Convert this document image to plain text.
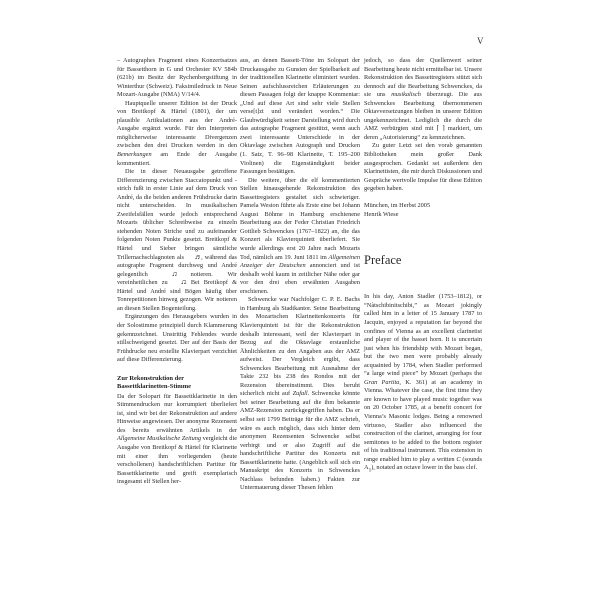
V

– Autographes Fragment eines Konzertsatzes für Bassetthorn in G und Orchester KV 584b (621b) im Besitz der Rychenbergstiftung in Winterthur (Schweiz). Faksimiledruck in Neue Mozart-Ausgabe (NMA) V/14/4.

Hauptquelle unserer Edition ist der Druck von Breitkopf & Härtel (1801), der um plausible Artikulationen aus der André-Ausgabe ergänzt wurde. Für den Interpreten möglicherweise interessante Divergenzen zwischen den drei Drucken werden in den Bemerkungen am Ende der Ausgabe kommentiert.

Die in dieser Neuausgabe getroffene Differenzierung zwischen Staccatopunkt und -strich fußt in erster Linie auf dem Druck von André, da die beiden anderen Frühdrucke darin nicht unterscheiden. In musikalischen Zweifelsfällen wurde jedoch entsprechend Mozarts üblicher Schreibweise zu einzeln stehenden Noten Striche und zu aufeinander folgenden Noten Punkte gesetzt. Breitkopf & Härtel und Sieber bringen sämtliche Trillernachschlagnoten als ♬, während das autographe Fragment durchweg und André gelegentlich ♫ notieren. Wir vereinheitlichen zu ♫. Bei Breitkopf & Härtel und André sind Bögen häufig über Tonrepetitionen hinweg gezogen. Wir notieren an diesen Stellen Bogenteilung.

Ergänzungen des Herausgebers wurden in der Solostimme prinzipiell durch Klammerung gekennzeichnet. Unstrittig Fehlendes wurde stillschweigend gesetzt. Der auf der Basis der Frühdrucke neu erstellte Klavierpart verzichtet auf diese Differenzierung.

Zur Rekonstruktion der Bassettklarinetten-Stimme

Da der Solopart für Bassettklarinette in den Stimmendrucken nur korrumpiert überliefert ist, sind wir bei der Rekonstruktion auf andere Hinweise angewiesen. Der anonyme Rezensent des bereits erwähnten Artikels in der Allgemeine Musikalische Zeitung vergleicht die Ausgabe von Breitkopf & Härtel für Klarinette mit einer ihm vorliegenden (heute verschollenen) handschriftlichen Partitur für Bassettklarinette und greift exemplarisch insgesamt elf Stellen her-

aus, an denen Bassett-Töne im Solopart der Druckausgabe zu Gunsten der Spielbarkeit auf der traditionellen Klarinette eliminiert wurden. Seinen aufschlussreichen Erläuterungen zu diesen Passagen folgt der knappe Kommentar: „Und auf diese Art sind sehr viele Stellen verse[t]zt und verändert worden.“ Die Glaubwürdigkeit seiner Darstellung wird durch das autographe Fragment gestützt, wenn auch zwei interessante Unterschiede in der Oktavlage zwischen Autograph und Drucken (1. Satz, T. 96–98 Klarinette, T. 195–200 Violinen) die Eigenständigkeit beider Fassungen bestätigen.

Die weitere, über die elf kommentierten Stellen hinausgehende Rekonstruktion des Bassettregisters gestaltet sich schwieriger. Pamela Weston führte als Erste eine bei Johann August Böhme in Hamburg erschienene Bearbeitung aus der Feder Christian Friedrich Gottlieb Schwenckes (1767–1822) an, die das Konzert als Klavierquintett überliefert. Sie wurde allerdings erst 20 Jahre nach Mozarts Tod, nämlich am 19. Juni 1811 im Allgemeinen Anzeiger der Deutschen annonciert und ist deshalb wohl kaum in zeitlicher Nähe oder gar vor den drei eben erwähnten Ausgaben erschienen.

Schwencke war Nachfolger C. P. E. Bachs in Hamburg als Stadtkantor. Seine Bearbeitung des Mozartschen Klarinettenkonzerts für Klavierquintett ist für die Rekonstruktion deshalb interessant, weil der Klavierpart in Bezug auf die Oktavlage erstaunliche Ähnlichkeiten zu den Angaben aus der AMZ aufweist. Der Vergleich ergibt, dass Schwenckes Bearbeitung mit Ausnahme der Takte 232 bis 238 des Rondos mit der Rezension übereinstimmt. Dies beruht sicherlich nicht auf Zufall. Schwencke könnte bei seiner Bearbeitung auf die ihm bekannte AMZ-Rezension zurückgegriffen haben. Da er selbst seit 1799 Beiträge für die AMZ schrieb, wäre es auch möglich, dass sich hinter dem anonymen Rezensenten Schwencke selbst verbirgt und er also Zugriff auf die handschriftliche Partitur des Konzerts mit Bassettklarinette hatte. (Angeblich soll sich ein Manuskript des Konzerts in Schwenckes Nachlass befunden haben.) Fakten zur Untermauerung dieser Thesen fehlen

jedoch, so dass der Quellenwert seiner Bearbeitung heute nicht ermittelbar ist. Unsere Rekonstruktion des Bassettregisters stützt sich dennoch auf die Bearbeitung Schwenckes, da sie uns musikalisch überzeugt. Die aus Schwenckes Bearbeitung übernommenen Oktavversetzungen bleiben in unserer Edition ungekennzeichnet. Lediglich die durch die AMZ verbürgten sind mit ⌈ ⌉ markiert, um deren „Autorisierung“ zu kennzeichnen.

Zu guter Letzt sei den vorab genannten Bibliotheken mein großer Dank ausgesprochen. Gedankt sei außerdem den Klarinettisten, die mir durch Diskussionen und Gespräche wertvolle Impulse für diese Edition gegeben haben.

München, im Herbst 2005

Henrik Wiese

Preface

In his day, Anton Stadler (1753–1812), or “Nàtschibinitschibi,” as Mozart jokingly called him in a letter of 15 January 1787 to Jacquin, enjoyed a reputation far beyond the confines of Vienna as an excellent clarinetist and player of the basset horn. It is uncertain just when his friendship with Mozart began, but the two men were probably already acquainted by 1784, when Stadler performed “a large wind piece” by Mozart (perhaps the Gran Partita, K. 361) at an academy in Vienna. Whatever the case, the first time they are known to have played music together was on 20 October 1785, at a benefit concert for Vienna’s Masonic lodges. Being a renowned virtuoso, Stadler also influenced the construction of the clarinet, arranging for four semitones to be added to the bottom register of his traditional instrument. This extension in range enabled him to play a written C (sounds $A_1$), notated an octave lower in the bass clef.
